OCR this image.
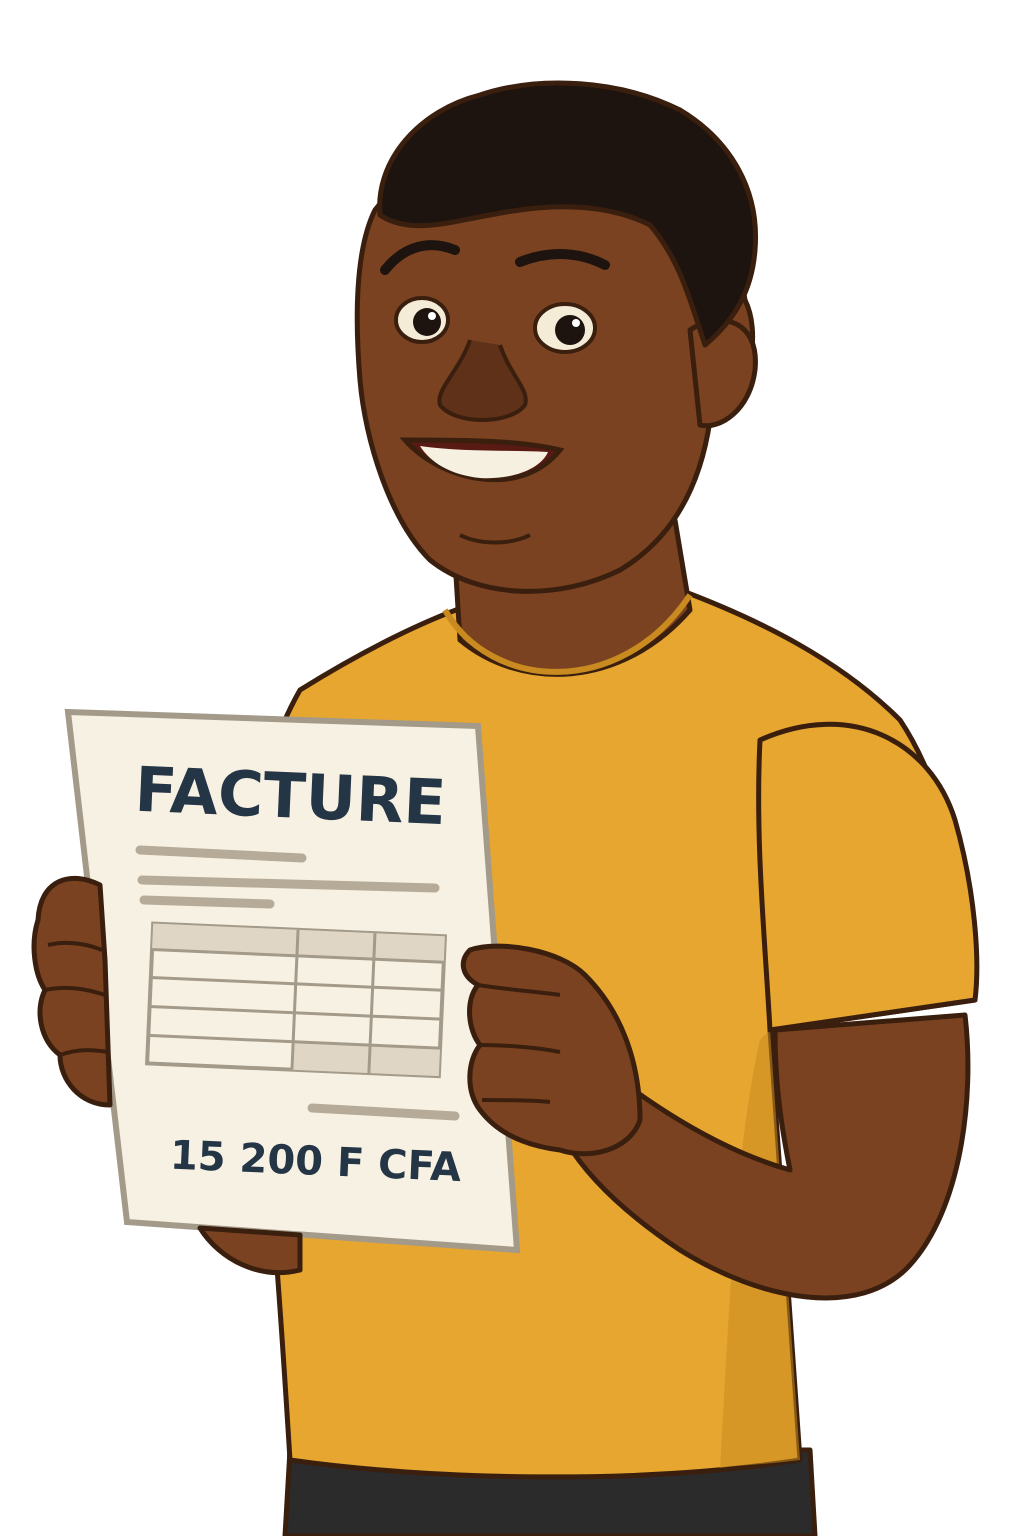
FACTURE
15 200 F CFA
